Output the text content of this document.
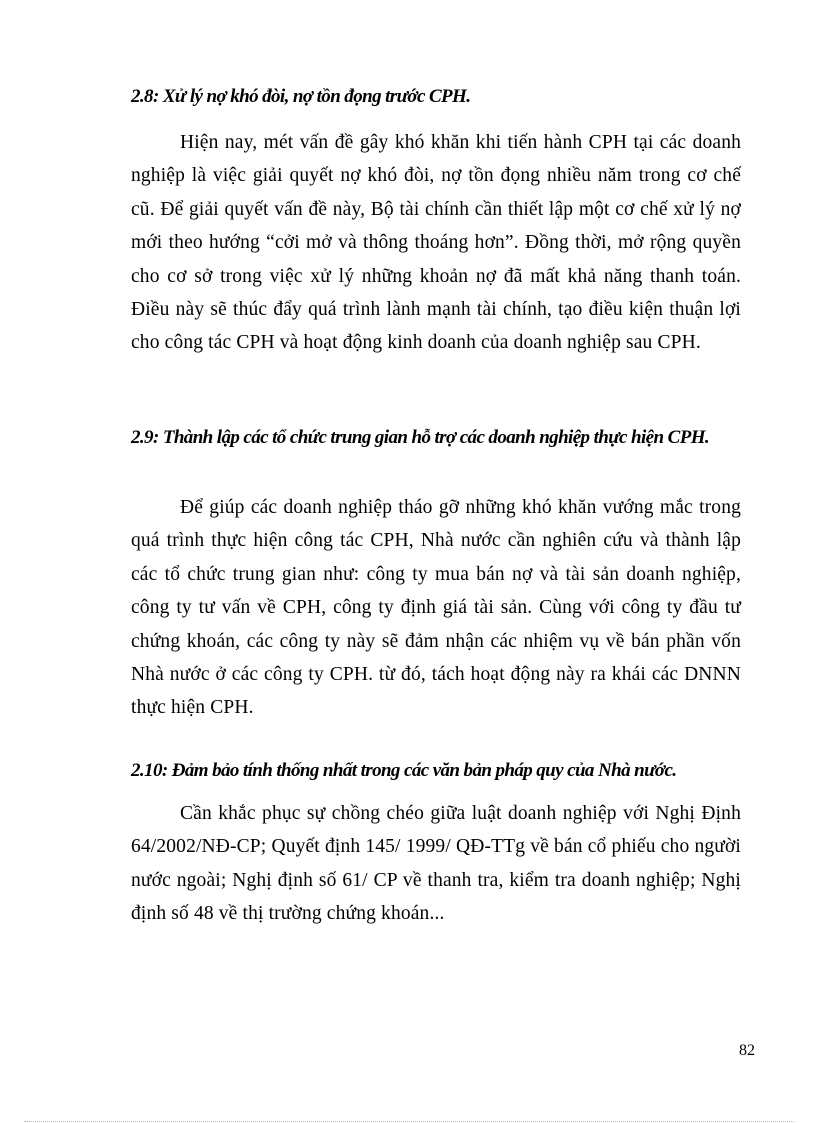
2.8: Xử lý nợ khó đòi, nợ tồn đọng trước CPH.

Hiện nay, mét vấn đề gây khó khăn khi tiến hành CPH tại các doanh nghiệp là việc giải quyết nợ khó đòi, nợ tồn đọng nhiều năm trong cơ chế cũ. Để giải quyết vấn đề này, Bộ tài chính cần thiết lập một cơ chế xử lý nợ mới theo hướng “cởi mở và thông thoáng hơn”. Đồng thời, mở rộng quyền cho cơ sở trong việc xử lý những khoản nợ đã mất khả năng thanh toán. Điều này sẽ thúc đẩy quá trình lành mạnh tài chính, tạo điều kiện thuận lợi cho công tác CPH và hoạt động kinh doanh của doanh nghiệp sau CPH.

2.9: Thành lập các tổ chức trung gian hỗ trợ các doanh nghiệp thực hiện CPH.

Để giúp các doanh nghiệp tháo gỡ những khó khăn vướng mắc trong quá trình thực hiện công tác CPH, Nhà nước cần nghiên cứu và thành lập các tổ chức trung gian như: công ty mua bán nợ và tài sản doanh nghiệp, công ty tư vấn về CPH, công ty định giá tài sản. Cùng với công ty đầu tư chứng khoán, các công ty này sẽ đảm nhận các nhiệm vụ về bán phần vốn Nhà nước ở các công ty CPH. từ đó, tách hoạt động này ra khái các DNNN thực hiện CPH.

2.10: Đảm bảo tính thống nhất trong các văn bản pháp quy của Nhà nước.

Cần khắc phục sự chồng chéo giữa luật doanh nghiệp với Nghị Định 64/2002/NĐ-CP; Quyết định 145/ 1999/ QĐ-TTg về bán cổ phiếu cho người nước ngoài; Nghị định số 61/ CP về thanh tra, kiểm tra doanh nghiệp; Nghị định số 48 về thị trường chứng khoán...

82
